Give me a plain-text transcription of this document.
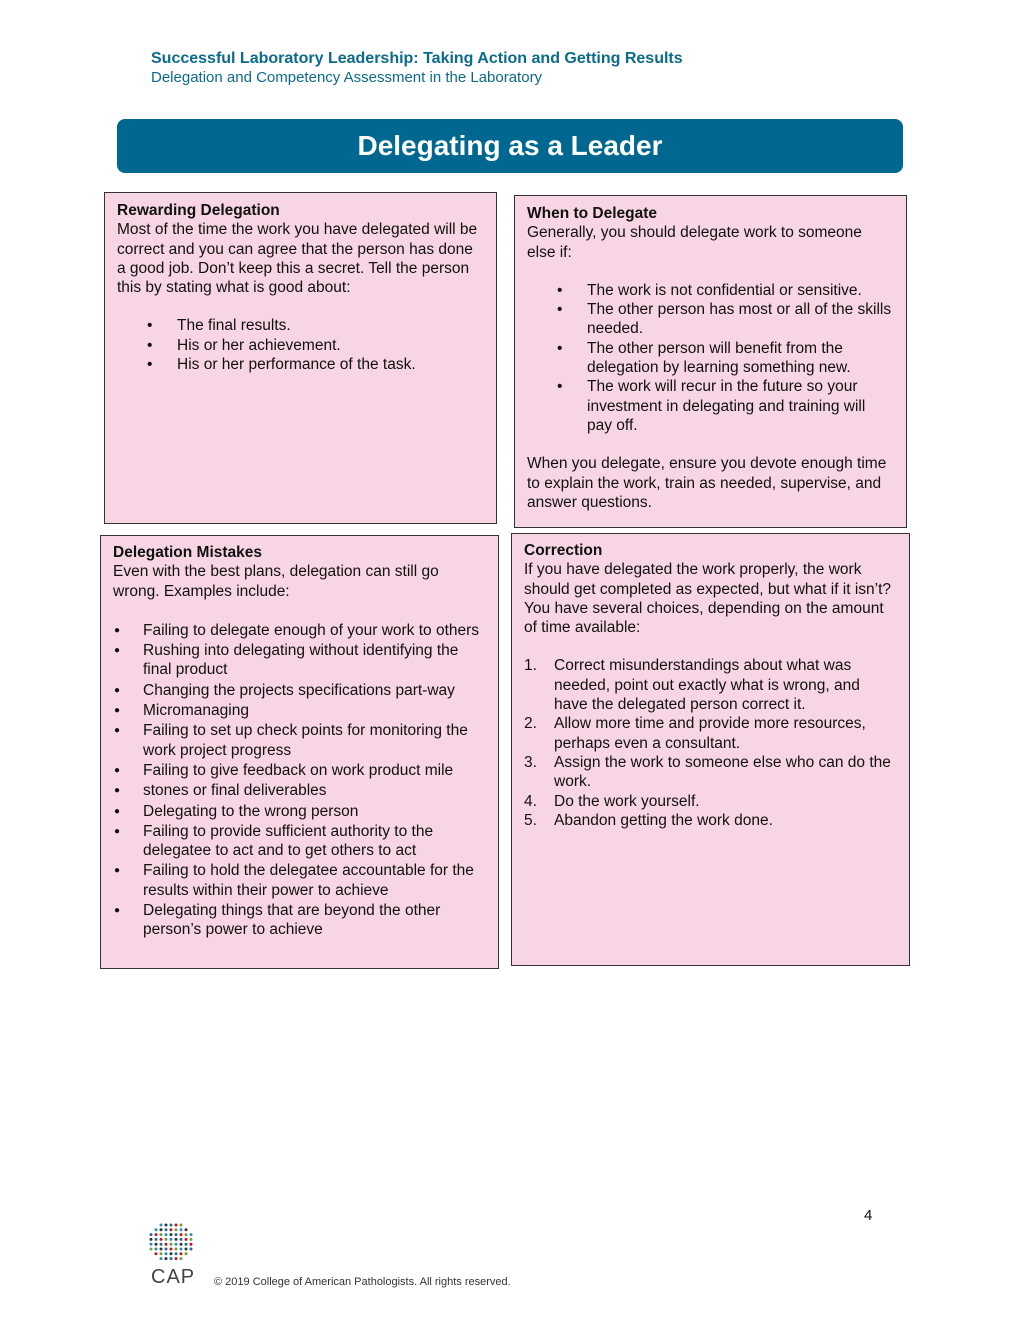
Successful Laboratory Leadership: Taking Action and Getting Results
Delegation and Competency Assessment in the Laboratory
Delegating as a Leader

Rewarding Delegation

Most of the time the work you have delegated will be correct and you can agree that the person has done a good job. Don’t keep this a secret. Tell the person this by stating what is good about:

• The final results.
• His or her achievement.
• His or her performance of the task.

When to Delegate

Generally, you should delegate work to someone else if:

• The work is not confidential or sensitive.
• The other person has most or all of the skills needed.
• The other person will benefit from the delegation by learning something new.
• The work will recur in the future so your investment in delegating and training will pay off.

When you delegate, ensure you devote enough time to explain the work, train as needed, supervise, and answer questions.

Delegation Mistakes

Even with the best plans, delegation can still go wrong. Examples include:

● Failing to delegate enough of your work to others
● Rushing into delegating without identifying the final product
● Changing the projects specifications part-way
● Micromanaging
● Failing to set up check points for monitoring the work project progress
● Failing to give feedback on work product mile
● stones or final deliverables
● Delegating to the wrong person
● Failing to provide sufficient authority to the delegatee to act and to get others to act
● Failing to hold the delegatee accountable for the results within their power to achieve
● Delegating things that are beyond the other person’s power to achieve

Correction

If you have delegated the work properly, the work should get completed as expected, but what if it isn’t? You have several choices, depending on the amount of time available:

1. Correct misunderstandings about what was needed, point out exactly what is wrong, and have the delegated person correct it.
2. Allow more time and provide more resources, perhaps even a consultant.
3. Assign the work to someone else who can do the work.
4. Do the work yourself.
5. Abandon getting the work done.
4
CAP © 2019 College of American Pathologists. All rights reserved.
